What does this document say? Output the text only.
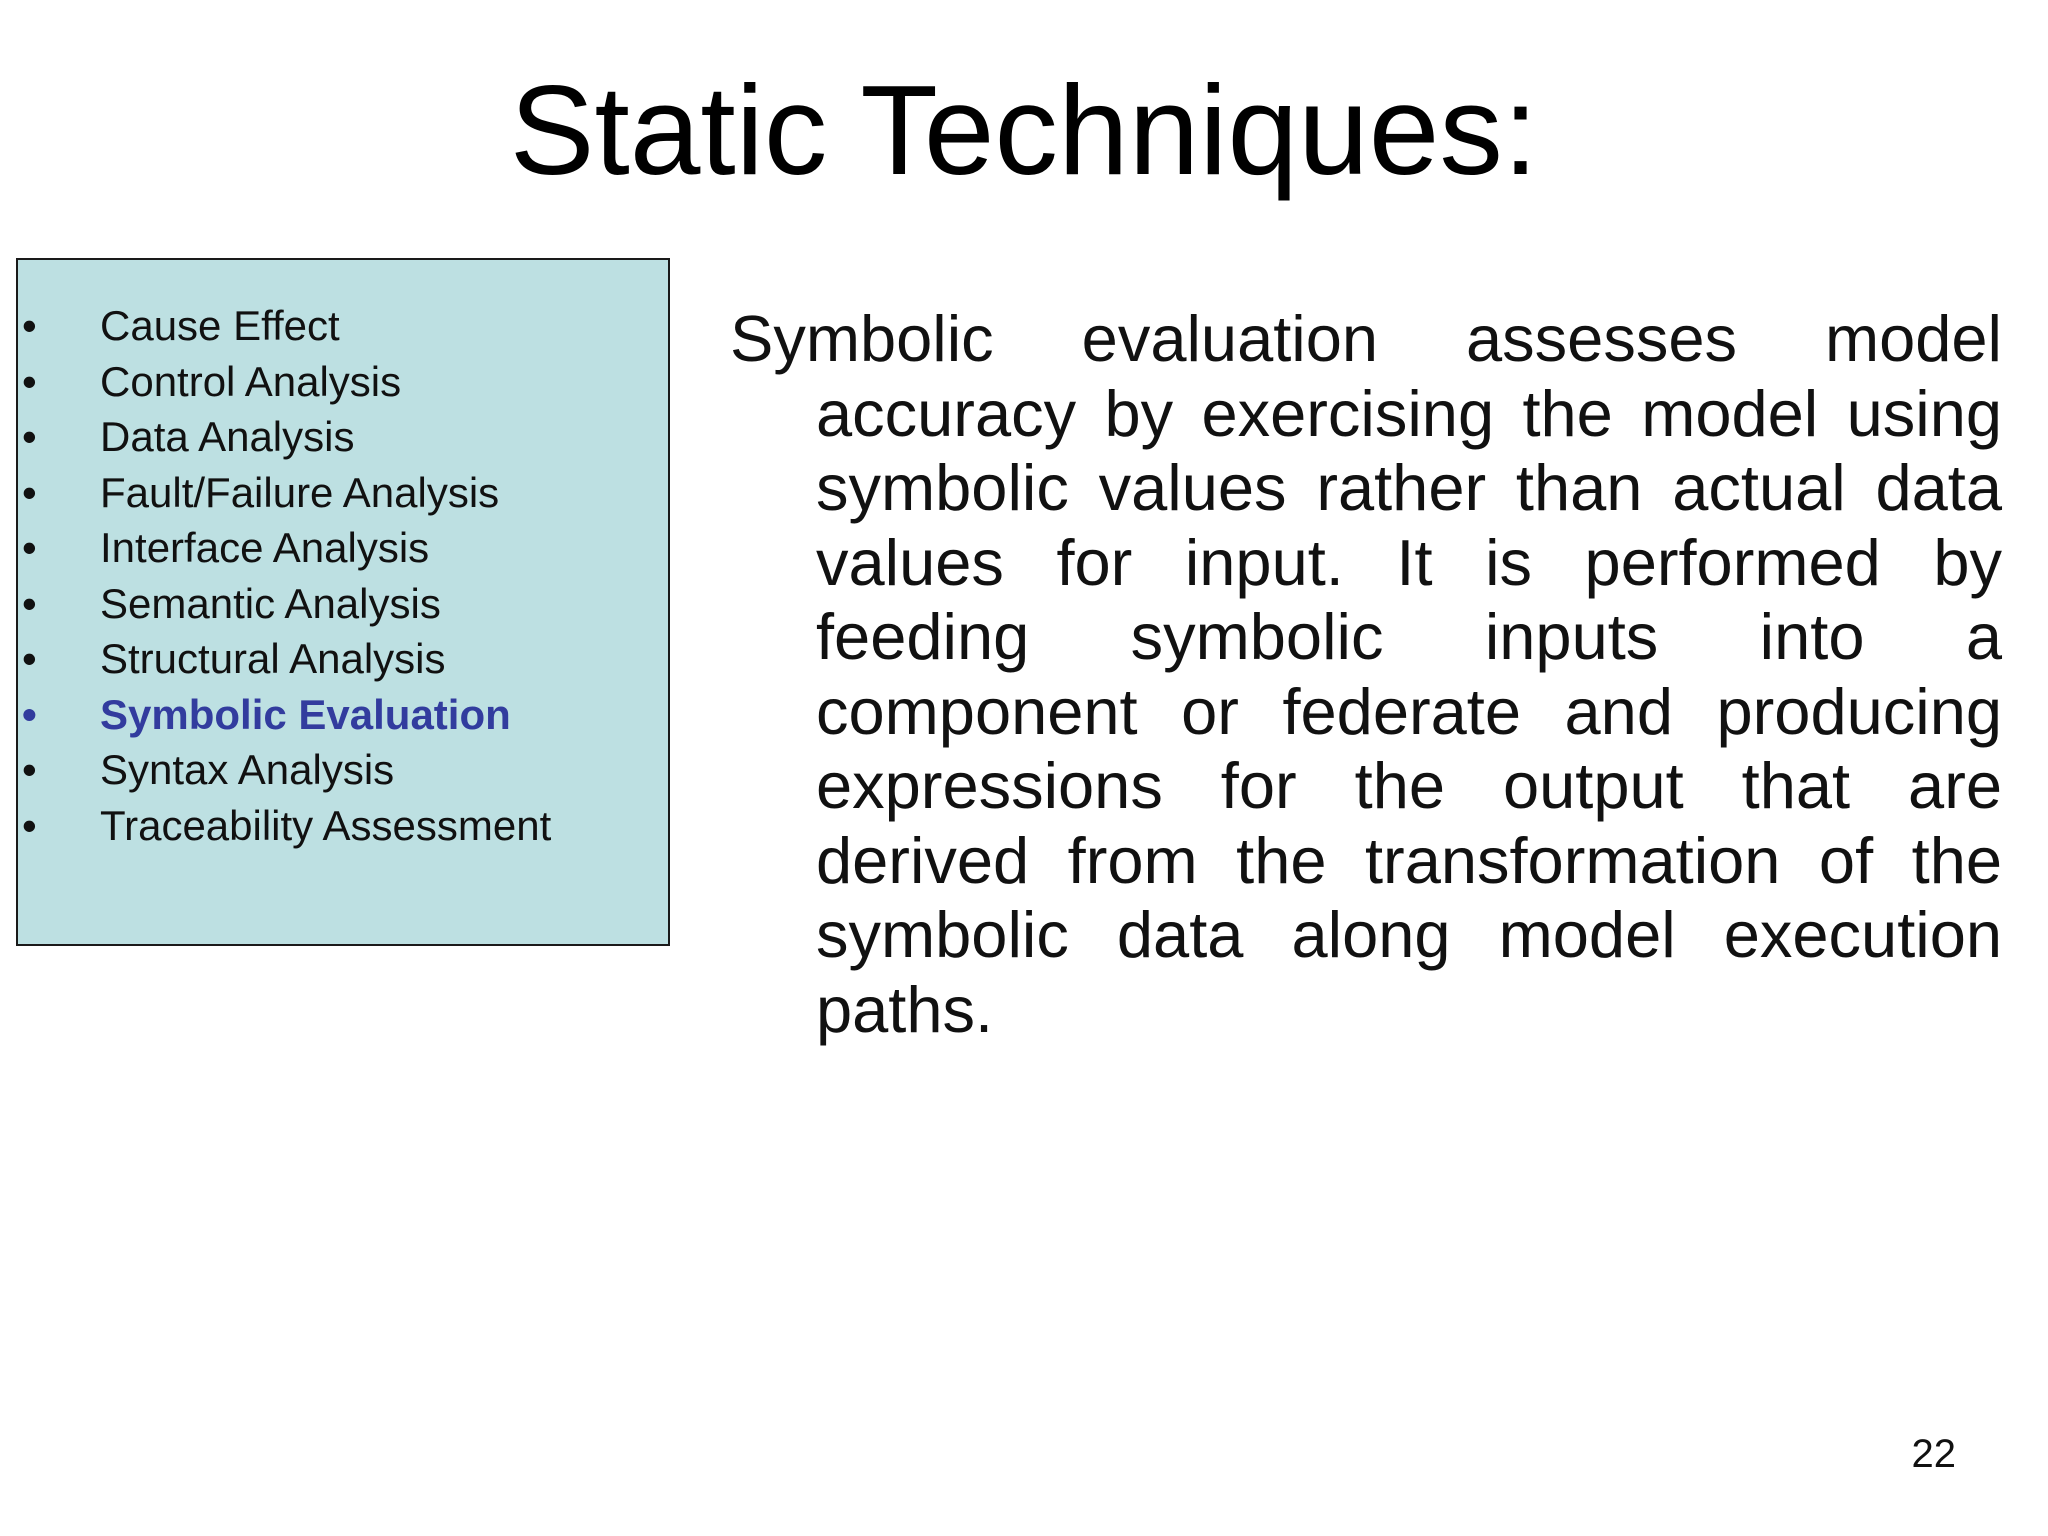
Static Techniques:
• Cause Effect
• Control Analysis
• Data Analysis
• Fault/Failure Analysis
• Interface Analysis
• Semantic Analysis
• Structural Analysis
• Symbolic Evaluation
• Syntax Analysis
• Traceability Assessment

Symbolic evaluation assesses model accuracy by exercising the model using symbolic values rather than actual data values for input. It is performed by feeding symbolic inputs into a component or federate and producing expressions for the output that are derived from the transformation of the symbolic data along model execution paths.

22
